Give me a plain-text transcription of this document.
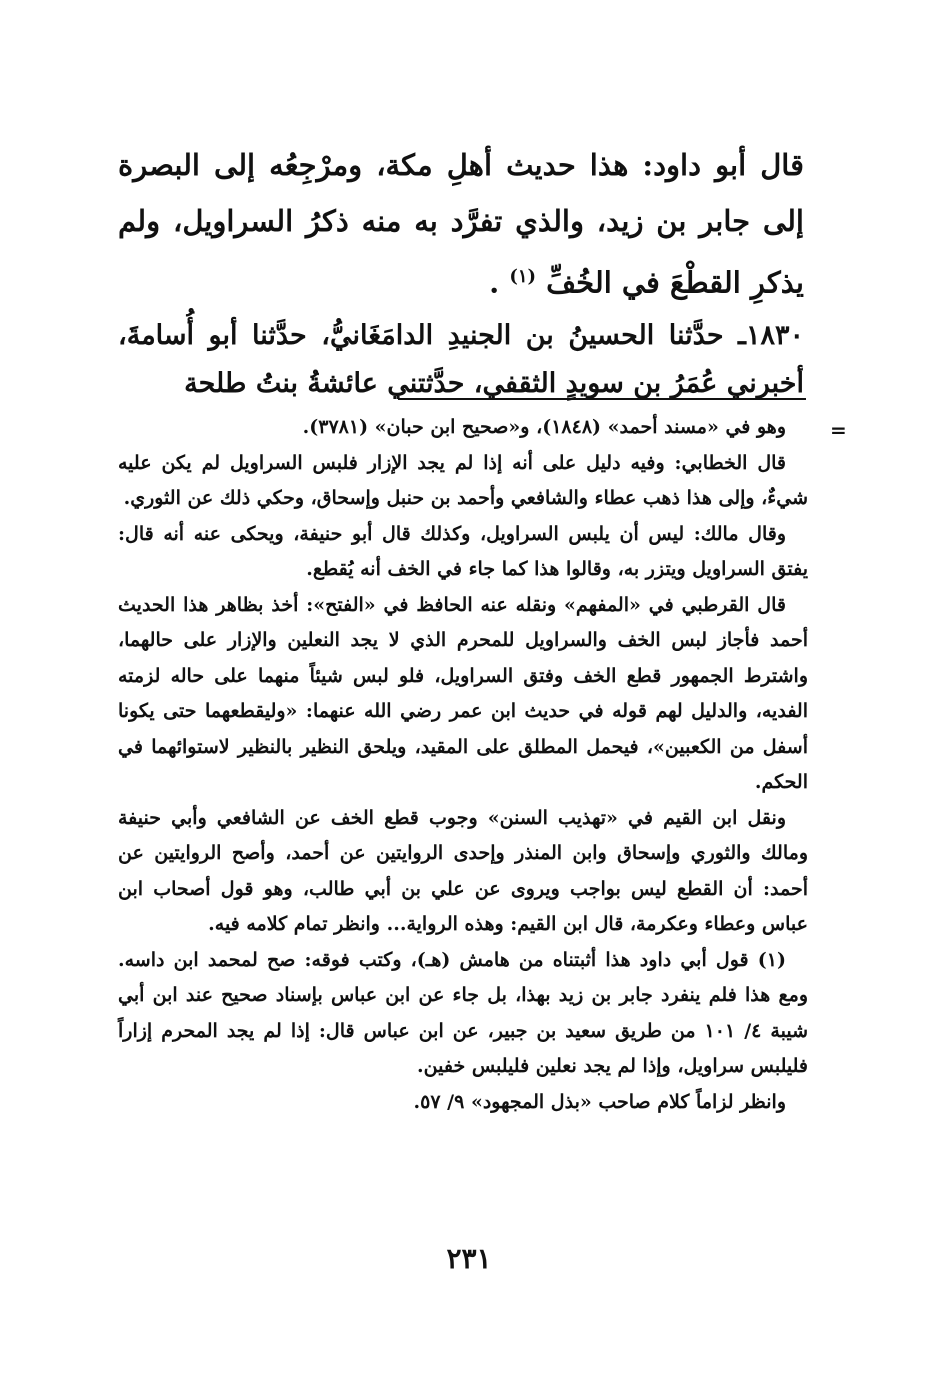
قال أبو داود: هذا حديث أهلِ مكة، ومرْجِعُه إلى البصرة إلى جابر بن زيد، والذي تفرَّد به منه ذكرُ السراويل، ولم يذكرِ القطْعَ في الخُفِّ $^{(١)}$ .

١٨٣٠ـ حدَّثنا الحسينُ بن الجنيدِ الدامَغَانيُّ، حدَّثنا أبو أُسامةَ، أخبرني عُمَرُ بن سويدٍ الثقفي، حدَّثتني عائشةُ بنتُ طلحة

=

وهو في «مسند أحمد» (١٨٤٨)، و«صحيح ابن حبان» (٣٧٨١).

قال الخطابي: وفيه دليل على أنه إذا لم يجد الإزار فلبس السراويل لم يكن عليه شيءٌ، وإلى هذا ذهب عطاء والشافعي وأحمد بن حنبل وإسحاق، وحكي ذلك عن الثوري.

وقال مالك: ليس أن يلبس السراويل، وكذلك قال أبو حنيفة، ويحكى عنه أنه قال: يفتق السراويل ويتزر به، وقالوا هذا كما جاء في الخف أنه يُقطع.

قال القرطبي في «المفهم» ونقله عنه الحافظ في «الفتح»: أخذ بظاهر هذا الحديث أحمد فأجاز لبس الخف والسراويل للمحرم الذي لا يجد النعلين والإزار على حالهما، واشترط الجمهور قطع الخف وفتق السراويل، فلو لبس شيئاً منهما على حاله لزمته الفديه، والدليل لهم قوله في حديث ابن عمر رضي الله عنهما: «وليقطعهما حتى يكونا أسفل من الكعبين»، فيحمل المطلق على المقيد، ويلحق النظير بالنظير لاستوائهما في الحكم.

ونقل ابن القيم في «تهذيب السنن» وجوب قطع الخف عن الشافعي وأبي حنيفة ومالك والثوري وإسحاق وابن المنذر وإحدى الروايتين عن أحمد، وأصح الروايتين عن أحمد: أن القطع ليس بواجب ويروى عن علي بن أبي طالب، وهو قول أصحاب ابن عباس وعطاء وعكرمة، قال ابن القيم: وهذه الرواية... وانظر تمام كلامه فيه.

(١) قول أبي داود هذا أثبتناه من هامش (هـ)، وكتب فوقه: صح لمحمد ابن داسه. ومع هذا فلم ينفرد جابر بن زيد بهذا، بل جاء عن ابن عباس بإسناد صحيح عند ابن أبي شيبة ٤/ ١٠١ من طريق سعيد بن جبير، عن ابن عباس قال: إذا لم يجد المحرم إزاراً فليلبس سراويل، وإذا لم يجد نعلين فليلبس خفين.

وانظر لزاماً كلام صاحب «بذل المجهود» ٩/ ٥٧.

٢٣١
